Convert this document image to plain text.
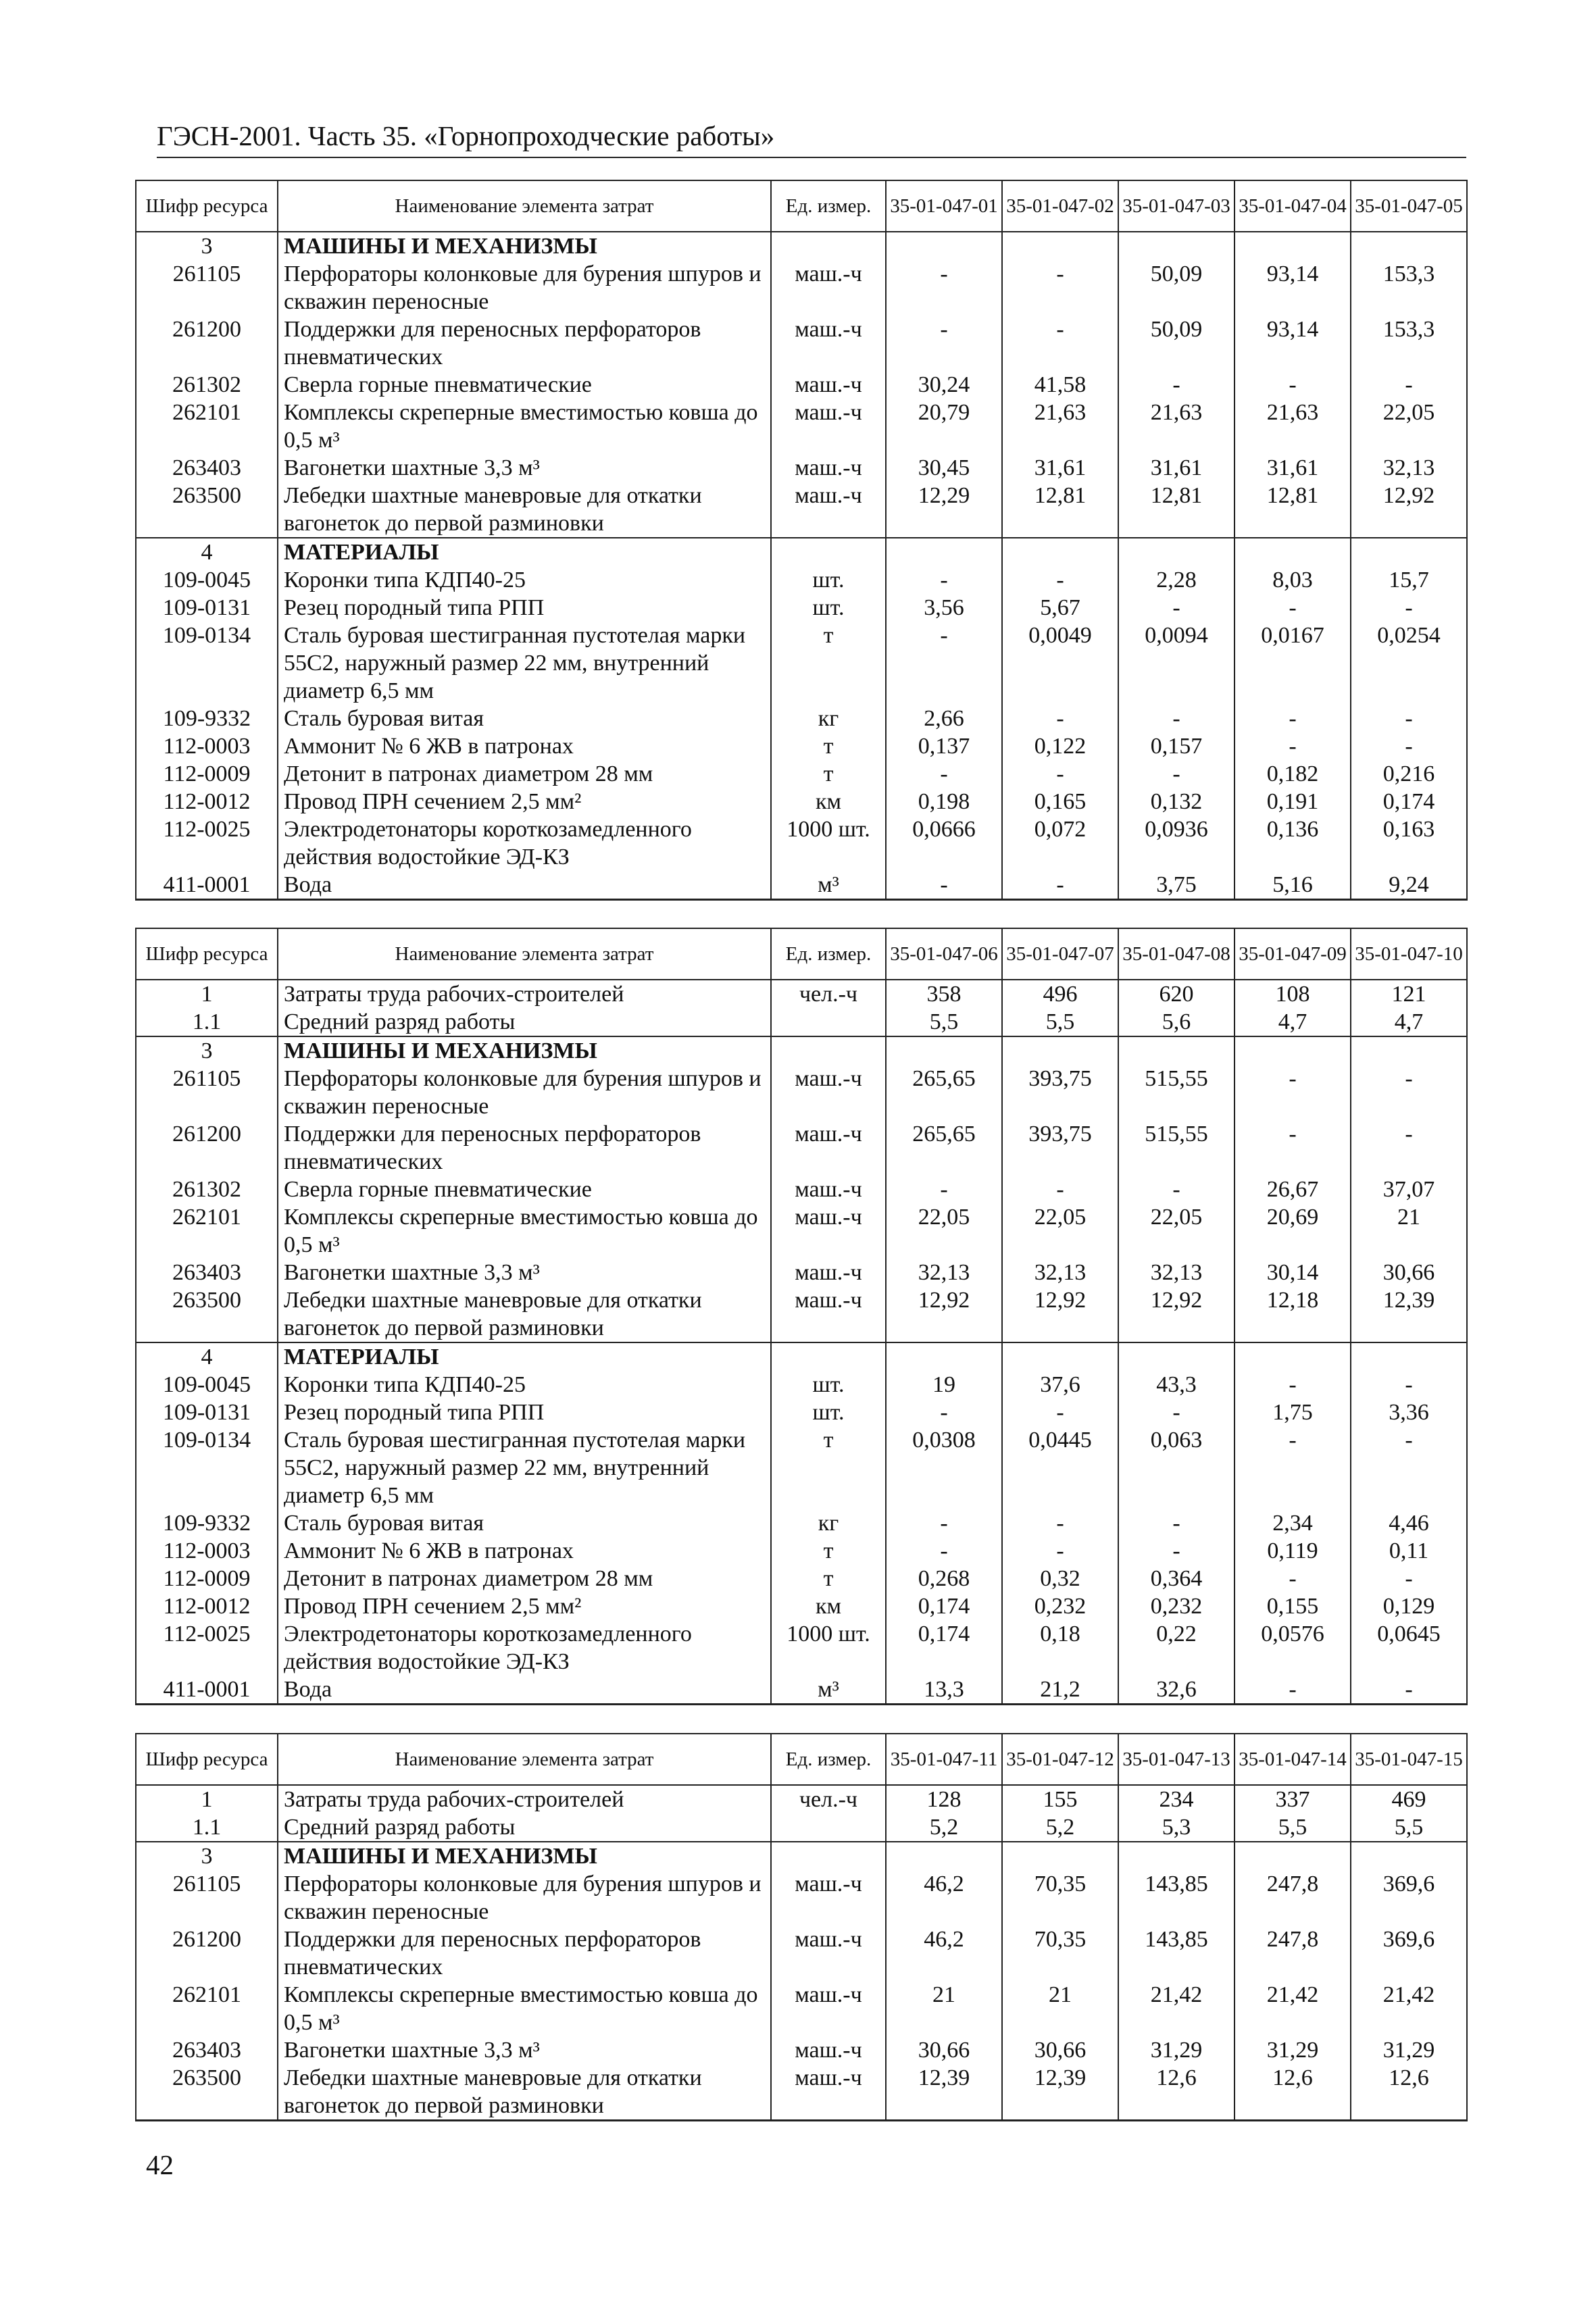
ГЭСН-2001. Часть 35. «Горнопроходческие работы»
Шифр ресурса	Наименование элемента затрат	Ед. измер.	35-01-047-01	35-01-047-02	35-01-047-03	35-01-047-04	35-01-047-05
3	МАШИНЫ И МЕХАНИЗМЫ						
261105	Перфораторы колонковые для бурения шпуров и скважин переносные	маш.-ч	-	-	50,09	93,14	153,3
261200	Поддержки для переносных перфораторов пневматических	маш.-ч	-	-	50,09	93,14	153,3
261302	Сверла горные пневматические	маш.-ч	30,24	41,58	-	-	-
262101	Комплексы скреперные вместимостью ковша до 0,5 м³	маш.-ч	20,79	21,63	21,63	21,63	22,05
263403	Вагонетки шахтные 3,3 м³	маш.-ч	30,45	31,61	31,61	31,61	32,13
263500	Лебедки шахтные маневровые для откатки вагонеток до первой разминовки	маш.-ч	12,29	12,81	12,81	12,81	12,92
4	МАТЕРИАЛЫ						
109-0045	Коронки типа КДП40-25	шт.	-	-	2,28	8,03	15,7
109-0131	Резец породный типа РПП	шт.	3,56	5,67	-	-	-
109-0134	Сталь буровая шестигранная пустотелая марки 55С2, наружный размер 22 мм, внутренний диаметр 6,5 мм	т	-	0,0049	0,0094	0,0167	0,0254
109-9332	Сталь буровая витая	кг	2,66	-	-	-	-
112-0003	Аммонит № 6 ЖВ в патронах	т	0,137	0,122	0,157	-	-
112-0009	Детонит в патронах диаметром 28 мм	т	-	-	-	0,182	0,216
112-0012	Провод ПРН сечением 2,5 мм²	км	0,198	0,165	0,132	0,191	0,174
112-0025	Электродетонаторы короткозамедленного действия водостойкие ЭД-КЗ	1000 шт.	0,0666	0,072	0,0936	0,136	0,163
411-0001	Вода	м³	-	-	3,75	5,16	9,24
Шифр ресурса	Наименование элемента затрат	Ед. измер.	35-01-047-06	35-01-047-07	35-01-047-08	35-01-047-09	35-01-047-10
1	Затраты труда рабочих-строителей	чел.-ч	358	496	620	108	121
1.1	Средний разряд работы		5,5	5,5	5,6	4,7	4,7
3	МАШИНЫ И МЕХАНИЗМЫ						
261105	Перфораторы колонковые для бурения шпуров и скважин переносные	маш.-ч	265,65	393,75	515,55	-	-
261200	Поддержки для переносных перфораторов пневматических	маш.-ч	265,65	393,75	515,55	-	-
261302	Сверла горные пневматические	маш.-ч	-	-	-	26,67	37,07
262101	Комплексы скреперные вместимостью ковша до 0,5 м³	маш.-ч	22,05	22,05	22,05	20,69	21
263403	Вагонетки шахтные 3,3 м³	маш.-ч	32,13	32,13	32,13	30,14	30,66
263500	Лебедки шахтные маневровые для откатки вагонеток до первой разминовки	маш.-ч	12,92	12,92	12,92	12,18	12,39
4	МАТЕРИАЛЫ						
109-0045	Коронки типа КДП40-25	шт.	19	37,6	43,3	-	-
109-0131	Резец породный типа РПП	шт.	-	-	-	1,75	3,36
109-0134	Сталь буровая шестигранная пустотелая марки 55С2, наружный размер 22 мм, внутренний диаметр 6,5 мм	т	0,0308	0,0445	0,063	-	-
109-9332	Сталь буровая витая	кг	-	-	-	2,34	4,46
112-0003	Аммонит № 6 ЖВ в патронах	т	-	-	-	0,119	0,11
112-0009	Детонит в патронах диаметром 28 мм	т	0,268	0,32	0,364	-	-
112-0012	Провод ПРН сечением 2,5 мм²	км	0,174	0,232	0,232	0,155	0,129
112-0025	Электродетонаторы короткозамедленного действия водостойкие ЭД-КЗ	1000 шт.	0,174	0,18	0,22	0,0576	0,0645
411-0001	Вода	м³	13,3	21,2	32,6	-	-
Шифр ресурса	Наименование элемента затрат	Ед. измер.	35-01-047-11	35-01-047-12	35-01-047-13	35-01-047-14	35-01-047-15
1	Затраты труда рабочих-строителей	чел.-ч	128	155	234	337	469
1.1	Средний разряд работы		5,2	5,2	5,3	5,5	5,5
3	МАШИНЫ И МЕХАНИЗМЫ						
261105	Перфораторы колонковые для бурения шпуров и скважин переносные	маш.-ч	46,2	70,35	143,85	247,8	369,6
261200	Поддержки для переносных перфораторов пневматических	маш.-ч	46,2	70,35	143,85	247,8	369,6
262101	Комплексы скреперные вместимостью ковша до 0,5 м³	маш.-ч	21	21	21,42	21,42	21,42
263403	Вагонетки шахтные 3,3 м³	маш.-ч	30,66	30,66	31,29	31,29	31,29
263500	Лебедки шахтные маневровые для откатки вагонеток до первой разминовки	маш.-ч	12,39	12,39	12,6	12,6	12,6
42
